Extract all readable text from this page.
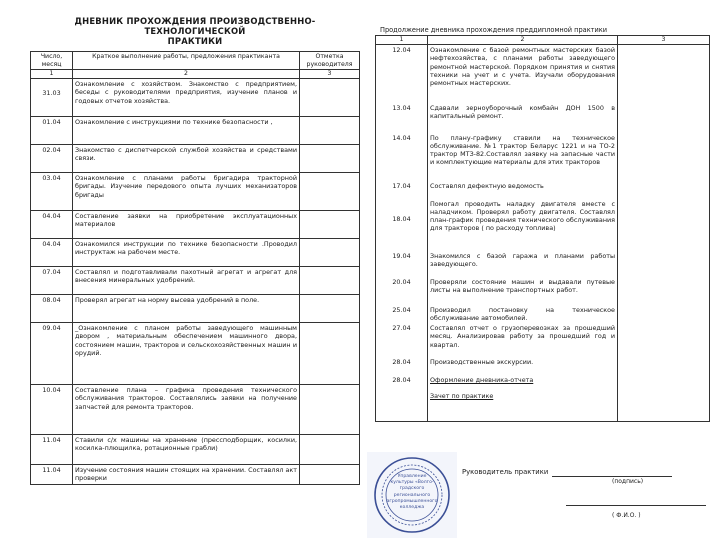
ДНЕВНИК ПРОХОЖДЕНИЯ ПРОИЗВОДСТВЕННО-ТЕХНОЛОГИЧЕСКОЙ
ПРАКТИКИ
Число, месяц	Краткое выполнение работы, предложения практиканта	Отметка руководителя
1	2	3
31.03	Ознакомление с хозяйством. Знакомство с предприятием, беседы с руководителями предприятия, изучение планов и годовых отчетов хозяйства.	
01.04	Ознакомление с инструкциями по технике безопасности ,	
02.04	Знакомство с диспетчерской службой хозяйства и средствами связи.	
03.04	Ознакомление с планами работы бригадира тракторной бригады. Изучение передового опыта лучших механизаторов бригады	
04.04	Составление заявки на приобретение эксплуатационных материалов	
04.04	Ознакомился инструкции по технике безопасности .Проводил инструктаж на рабочем месте.	
07.04	Составлял и подготавливали пахотный агрегат и агрегат для внесения минеральных удобрений.	
08.04	Проверял агрегат на норму высева удобрений в поле.	
09.04	_Ознакомление с планом работы заведующего машинным двором , материальным обеспечением машинного двора, состоянием машин, тракторов и сельскохозяйственных машин и орудий.	
10.04	Составление плана – графика проведения технического обслуживания тракторов. Составлялись заявки на получение запчастей для ремонта тракторов.	
11.04	Ставили с/х машины на хранение (прессподборщик, косилки, косилка-плющилка, ротационные грабли)	
11.04	Изучение состояния машин стоящих на хранении. Составлял акт проверки	
Продолжение дневника прохождения преддипломной практики
1	2	3
12.04	Ознакомление с базой ремонтных мастерских базой нефтехозяйства, с планами работы заведующего ремонтной мастерской. Порядком принятия и снятия техники на учет и с учета. Изучали оборудования ремонтных мастерских.	
13.04	Сдавали зерноуборочный комбайн ДОН 1500 в капитальный ремонт.	
14.04	По плану-графику ставили на техническое обслуживание. №1 трактор Беларус 1221 и на ТО-2 трактор МТЗ-82.Составлял заявку на запасные части и комплектующие материалы для этих тракторов	
17.04	Составлял дефектную ведомость	
18.04	Помогал проводить наладку двигателя вместе с наладчиком. Проверял работу двигателя. Составлял план-график проведения технического обслуживания для тракторов ( по расходу топлива)	
19.04	Знакомился с базой гаража и планами работы заведующего.	
20.04	Проверяли состояние машин и выдавали путевые листы на выполнение транспортных работ.	
25.04	Производил постановку на техническое обслуживание автомобилей.	
27.04	Составлял отчет о грузоперевозках за прошедший месяц. Анализировав работу за прошедший год и квартал.	
28.04	Производственные экскурсии.	
28.04	Оформление дневника-отчета	
	Зачет по практике	
Управление
культуры «Волго-
градского регионального
агропромышленного
колледжа
Руководитель практики
(подпись)
( Ф.И.О. )
